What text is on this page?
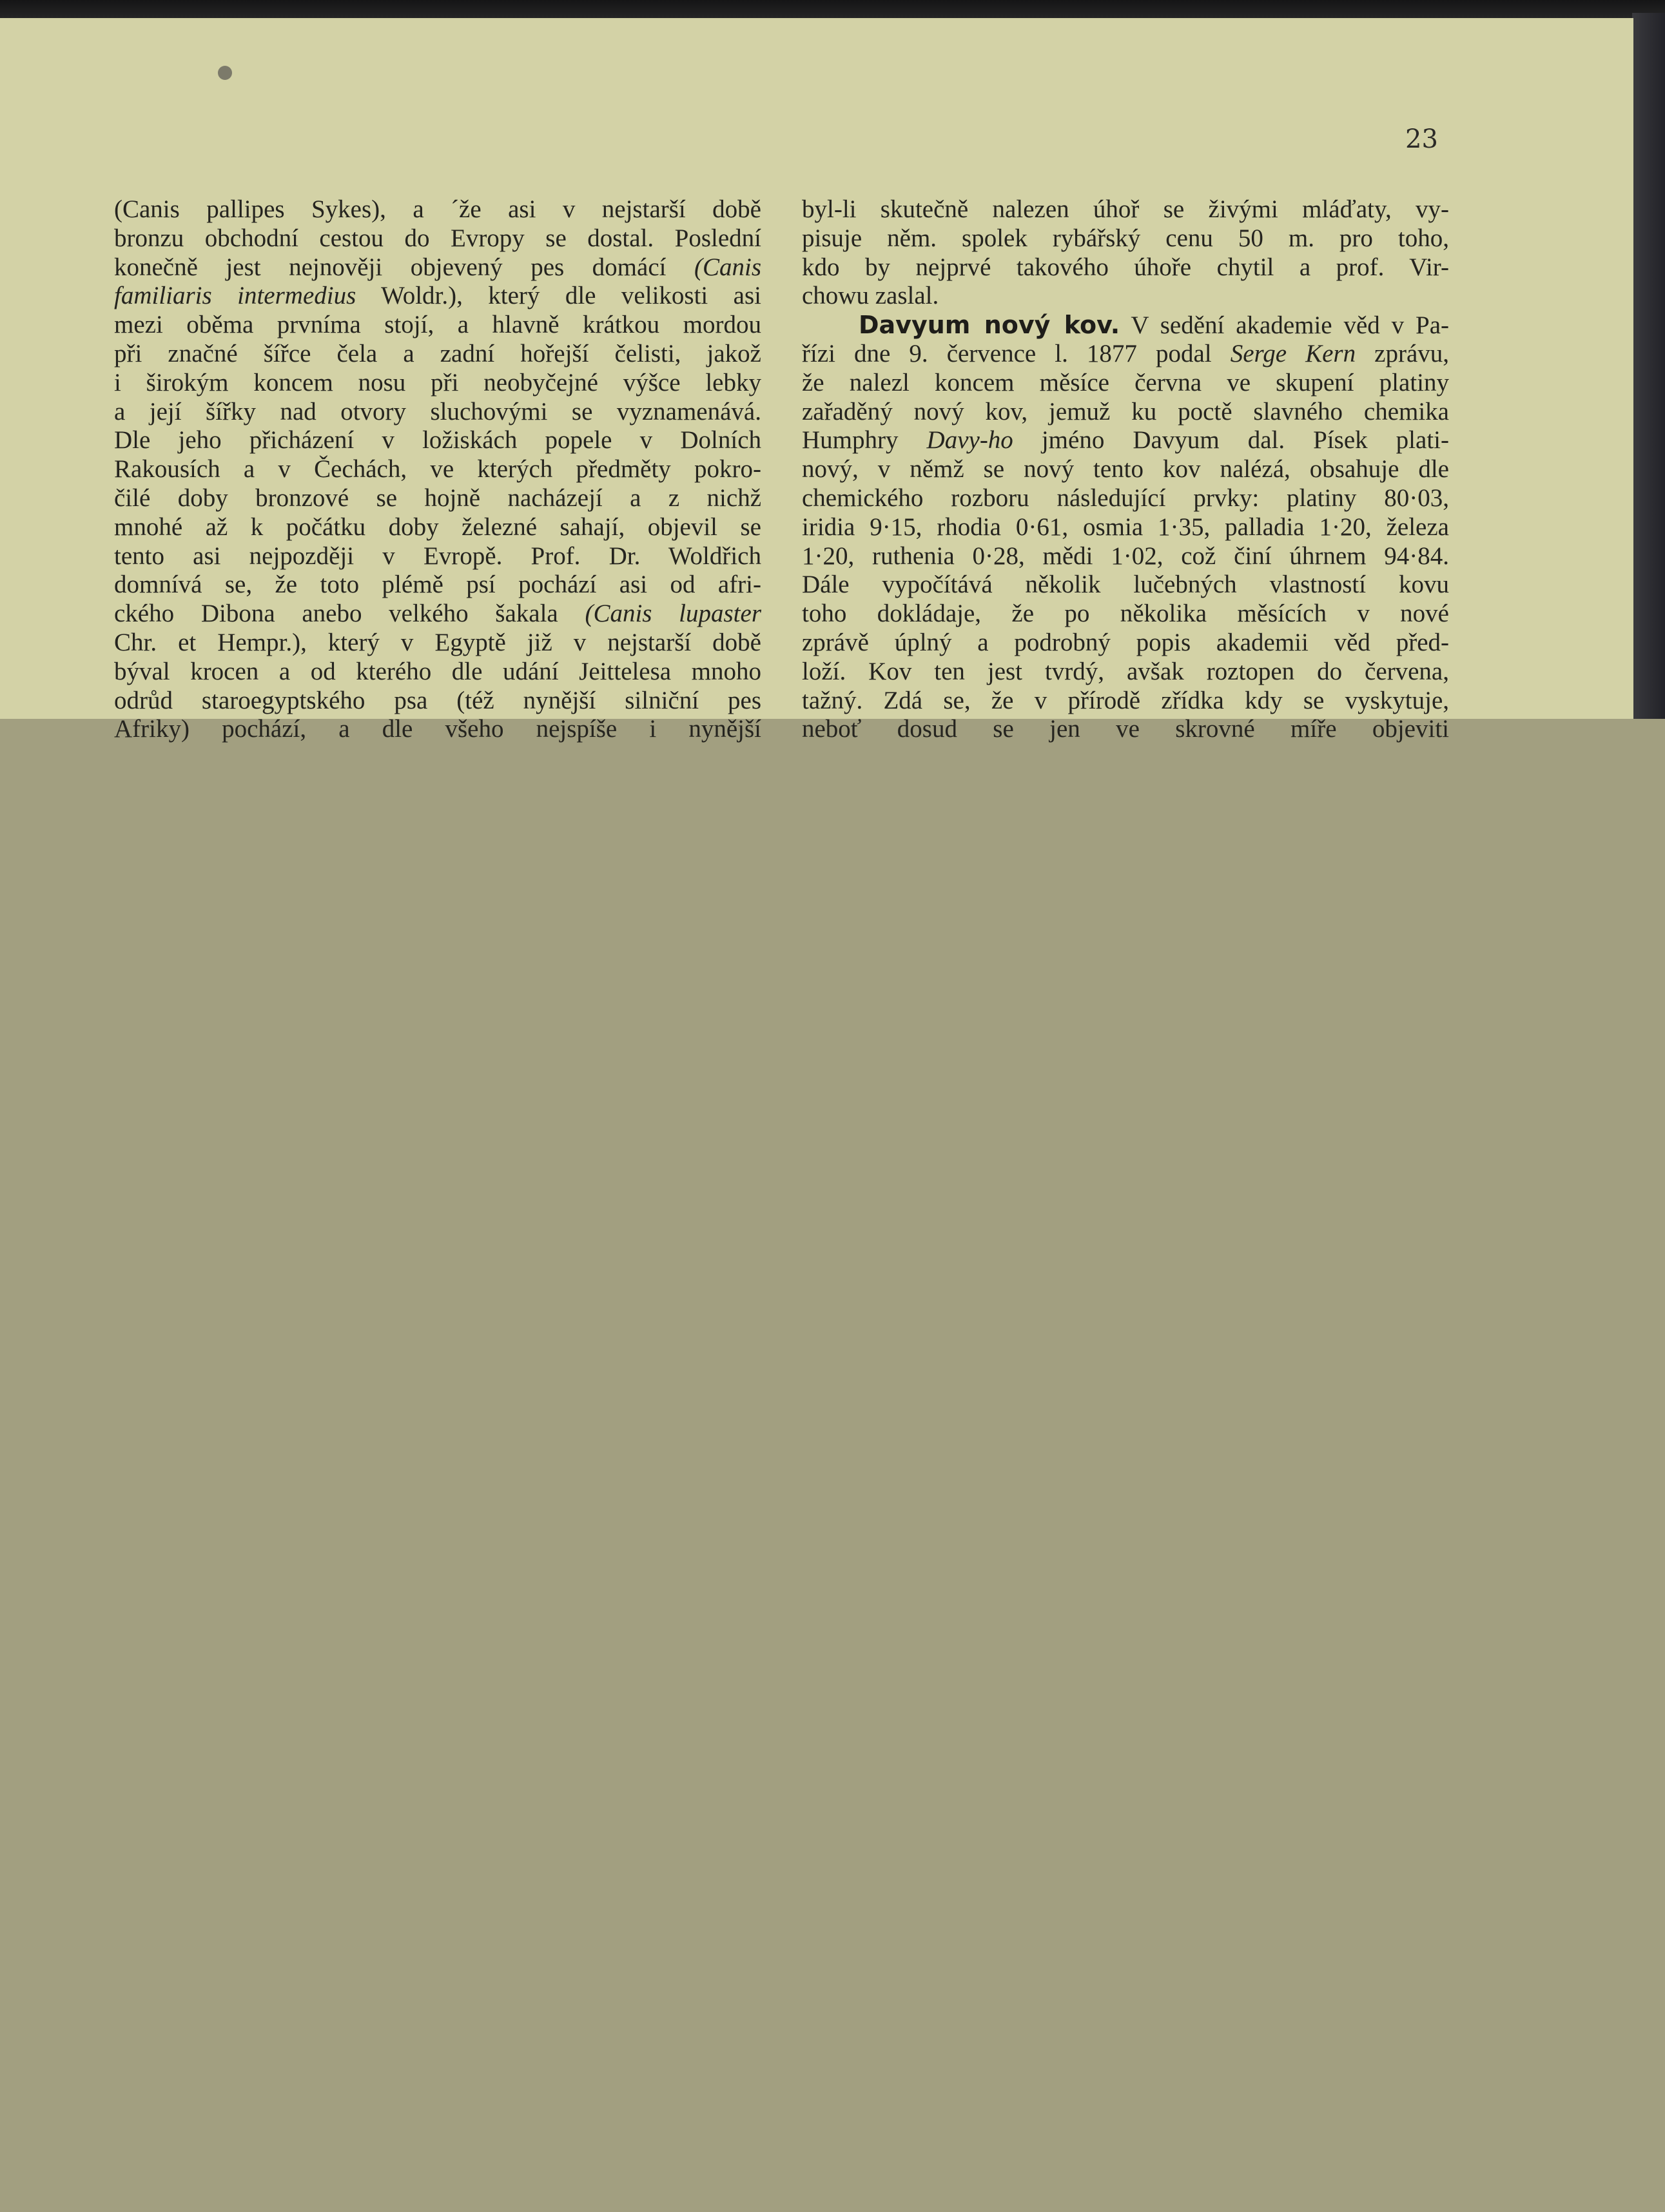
23
(Canis pallipes Sykes), a ´že asi v nejstarší době
bronzu obchodní cestou do Evropy se dostal. Poslední
konečně jest nejnověji objevený pes domácí (Canis
familiaris intermedius Woldr.), který dle velikosti asi
mezi oběma prvníma stojí, a hlavně krátkou mordou
při značné šířce čela a zadní hořejší čelisti, jakož
i širokým koncem nosu při neobyčejné výšce lebky
a její šířky nad otvory sluchovými se vyznamenává.
Dle jeho přicházení v ložiskách popele v Dolních
Rakousích a v Čechách, ve kterých předměty pokro-
čilé doby bronzové se hojně nacházejí a z nichž
mnohé až k počátku doby železné sahají, objevil se
tento asi nejpozději v Evropě. Prof. Dr. Woldřich
domnívá se, že toto plémě psí pochází asi od afri-
ckého Dibona anebo velkého šakala (Canis lupaster
Chr. et Hempr.), který v Egyptě již v nejstarší době
býval krocen a od kterého dle udání Jeittelesa mnoho
odrůd staroegyptského psa (též nynější silniční pes
Afriky) pochází, a dle všeho nejspíše i nynější
byl-li skutečně nalezen úhoř se živými mláďaty, vy-
pisuje něm. spolek rybářský cenu 50 m. pro toho,
kdo by nejprvé takového úhoře chytil a prof. Vir-
chowu zaslal.
Davyum nový kov. V sedění akademie věd v Pa-
řízi dne 9. července l. 1877 podal Serge Kern zprávu,
že nalezl koncem měsíce června ve skupení platiny
zařaděný nový kov, jemuž ku poctě slavného chemika
Humphry Davy-ho jméno Davyum dal. Písek plati-
nový, v němž se nový tento kov nalézá, obsahuje dle
chemického rozboru následující prvky: platiny 80·03,
iridia 9·15, rhodia 0·61, osmia 1·35, palladia 1·20, železa
1·20, ruthenia 0·28, mědi 1·02, což činí úhrnem 94·84.
Dále vypočítává několik lučebných vlastností kovu
toho dokládaje, že po několika měsících v nové
zprávě úplný a podrobný popis akademii věd před-
loží. Kov ten jest tvrdý, avšak roztopen do červena,
tažný. Zdá se, že v přírodě zřídka kdy se vyskytuje,
neboť dosud se jen ve skrovné míře objeviti
